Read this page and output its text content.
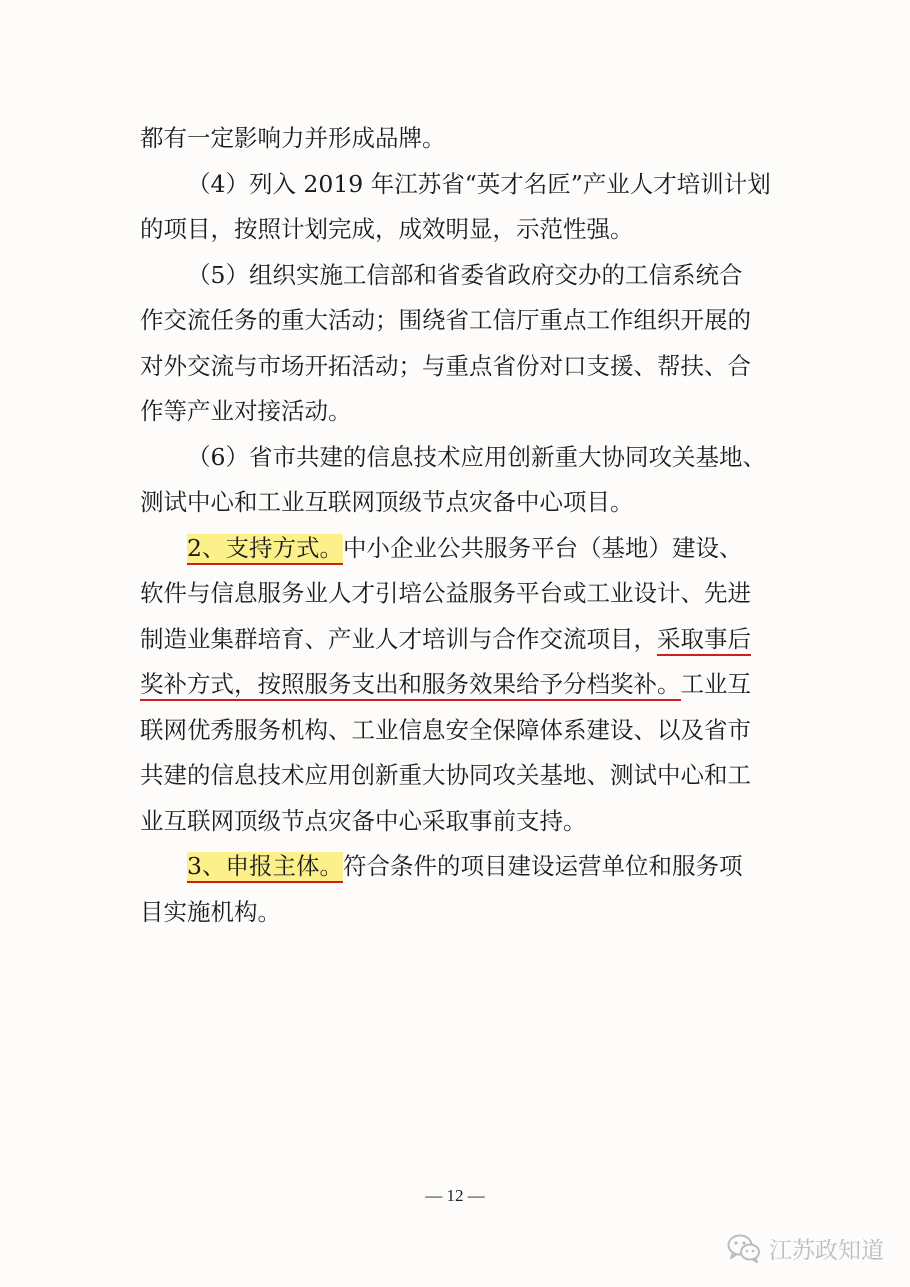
都有一定影响力并形成品牌。
（4）列入 2019 年江苏省“英才名匠”产业人才培训计划
的项目，按照计划完成，成效明显，示范性强。
（5）组织实施工信部和省委省政府交办的工信系统合
作交流任务的重大活动；围绕省工信厅重点工作组织开展的
对外交流与市场开拓活动；与重点省份对口支援、帮扶、合
作等产业对接活动。
（6）省市共建的信息技术应用创新重大协同攻关基地、
测试中心和工业互联网顶级节点灾备中心项目。
2、支持方式。中小企业公共服务平台（基地）建设、
软件与信息服务业人才引培公益服务平台或工业设计、先进
制造业集群培育、产业人才培训与合作交流项目，采取事后
奖补方式，按照服务支出和服务效果给予分档奖补。工业互
联网优秀服务机构、工业信息安全保障体系建设、以及省市
共建的信息技术应用创新重大协同攻关基地、测试中心和工
业互联网顶级节点灾备中心采取事前支持。
3、申报主体。符合条件的项目建设运营单位和服务项
目实施机构。
— 12 —
江苏政知道
